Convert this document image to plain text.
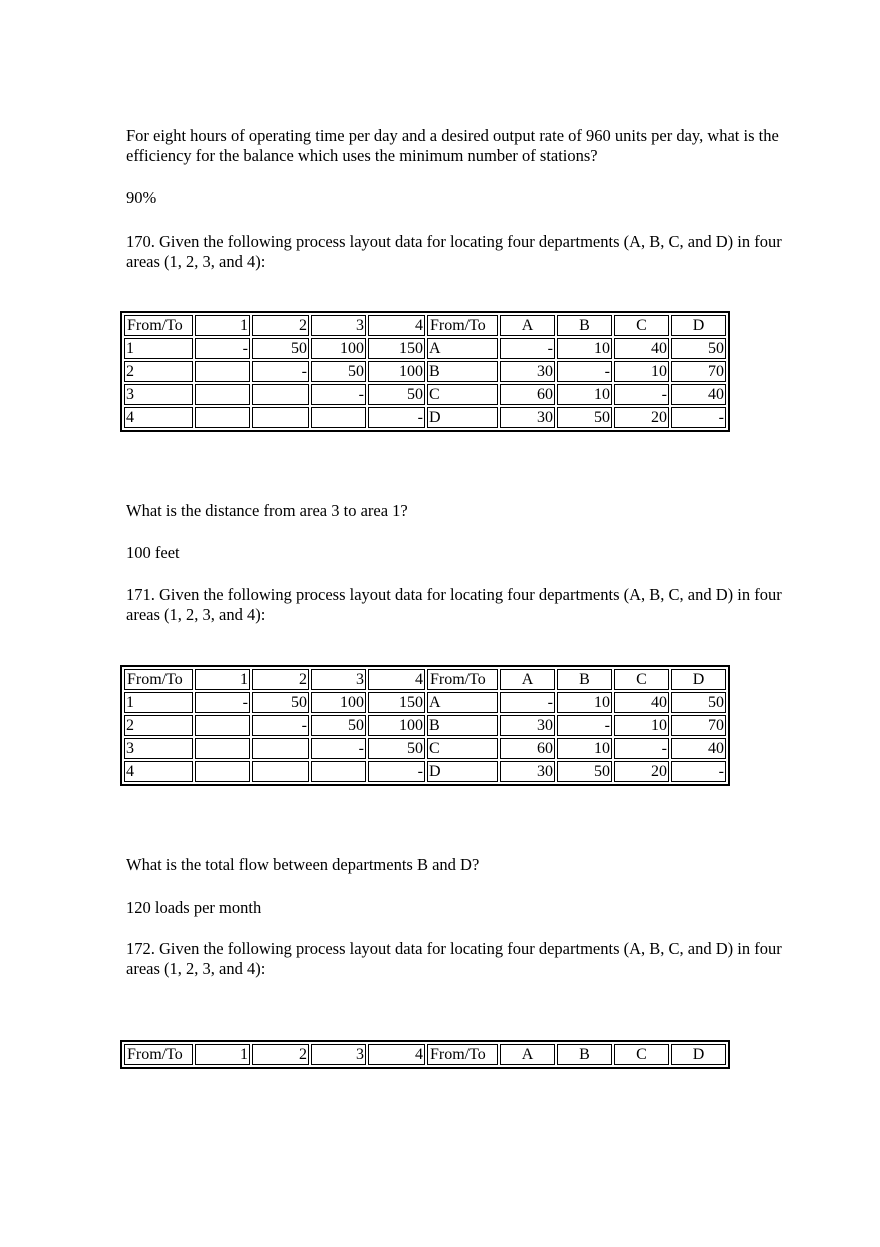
For eight hours of operating time per day and a desired output rate of 960 units per day, what is the efficiency for the balance which uses the minimum number of stations?

90%

170. Given the following process layout data for locating four departments (A, B, C, and D) in four areas (1, 2, 3, and 4):

From/To	1	2	3	4	From/To	A	B	C	D
1	-	50	100	150	A	-	10	40	50
2		-	50	100	B	30	-	10	70
3			-	50	C	60	10	-	40
4				-	D	30	50	20	-

What is the distance from area 3 to area 1?

100 feet

171. Given the following process layout data for locating four departments (A, B, C, and D) in four areas (1, 2, 3, and 4):

From/To	1	2	3	4	From/To	A	B	C	D
1	-	50	100	150	A	-	10	40	50
2		-	50	100	B	30	-	10	70
3			-	50	C	60	10	-	40
4				-	D	30	50	20	-

What is the total flow between departments B and D?

120 loads per month

172. Given the following process layout data for locating four departments (A, B, C, and D) in four areas (1, 2, 3, and 4):

From/To	1	2	3	4	From/To	A	B	C	D
